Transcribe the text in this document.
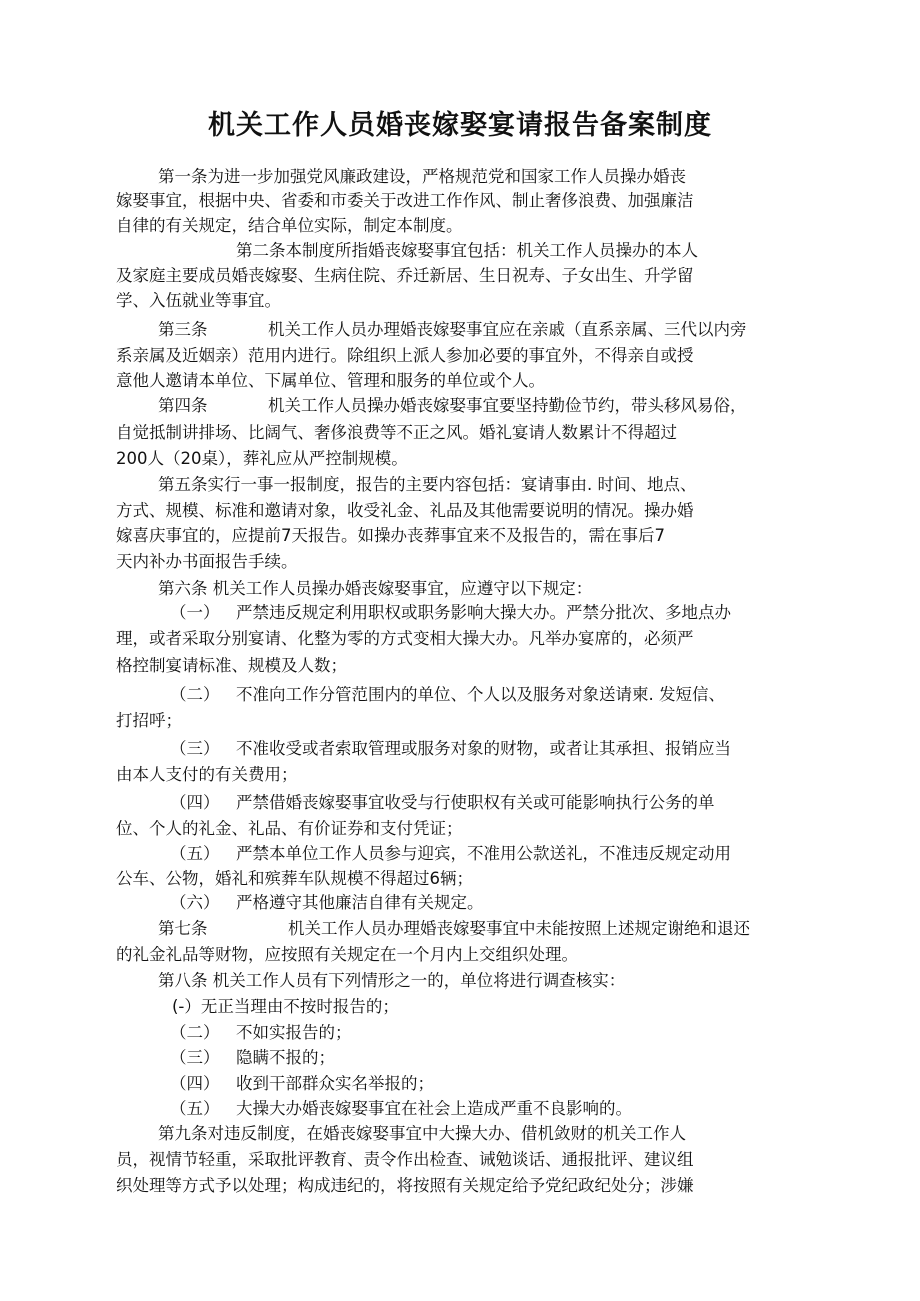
机关工作人员婚丧嫁娶宴请报告备案制度
第一条为进一步加强党风廉政建设，严格规范党和国家工作人员操办婚丧
嫁娶事宜，根据中央、省委和市委关于改进工作作风、制止奢侈浪费、加强廉洁
自律的有关规定，结合单位实际，制定本制度。
第二条本制度所指婚丧嫁娶事宜包括：机关工作人员操办的本人
及家庭主要成员婚丧嫁娶、生病住院、乔迁新居、生日祝寿、子女出生、升学留
学、入伍就业等事宜。
第三条	机关工作人员办理婚丧嫁娶事宜应在亲戚（直系亲属、三代以内旁
系亲属及近姻亲）范用内进行。除组织上派人参加必要的事宜外，不得亲自或授
意他人邀请本单位、下属单位、管理和服务的单位或个人。
第四条	机关工作人员操办婚丧嫁娶事宜要坚持勤俭节约，带头移风易俗，
自觉抵制讲排场、比阔气、奢侈浪费等不正之风。婚礼宴请人数累计不得超过
200人（20桌），葬礼应从严控制规模。
第五条实行一事一报制度，报告的主要内容包括：宴请事由. 时间、地点、
方式、规模、标准和邀请对象，收受礼金、礼品及其他需要说明的情况。操办婚
嫁喜庆事宜的，应提前7天报告。如操办丧葬事宜来不及报告的，需在事后7
天内补办书面报告手续。
第六条 机关工作人员操办婚丧嫁娶事宜，应遵守以下规定：
（一） 严禁违反规定利用职权或职务影响大操大办。严禁分批次、多地点办
理，或者采取分别宴请、化整为零的方式变相大操大办。凡举办宴席的，必须严
格控制宴请标准、规模及人数；
（二） 不准向工作分管范围内的单位、个人以及服务对象送请柬. 发短信、
打招呼；
（三） 不准收受或者索取管理或服务对象的财物，或者让其承担、报销应当
由本人支付的有关费用；
（四） 严禁借婚丧嫁娶事宜收受与行使职权有关或可能影响执行公务的单
位、个人的礼金、礼品、有价证券和支付凭证；
（五） 严禁本单位工作人员参与迎宾，不准用公款送礼，不准违反规定动用
公车、公物，婚礼和殡葬车队规模不得超过6辆；
（六） 严格遵守其他廉洁自律有关规定。
第七条	机关工作人员办理婚丧嫁娶事宜中未能按照上述规定谢绝和退还
的礼金礼品等财物，应按照有关规定在一个月内上交组织处理。
第八条 机关工作人员有下列情形之一的，单位将进行调查核实：
(-）无正当理由不按时报告的；
（二） 不如实报告的；
（三） 隐瞒不报的；
（四） 收到干部群众实名举报的；
（五） 大操大办婚丧嫁娶事宜在社会上造成严重不良影响的。
第九条对违反制度，在婚丧嫁娶事宜中大操大办、借机敛财的机关工作人
员，视情节轻重，采取批评教育、责令作出检查、诫勉谈话、通报批评、建议组
织处理等方式予以处理；构成违纪的，将按照有关规定给予党纪政纪处分；涉嫌
